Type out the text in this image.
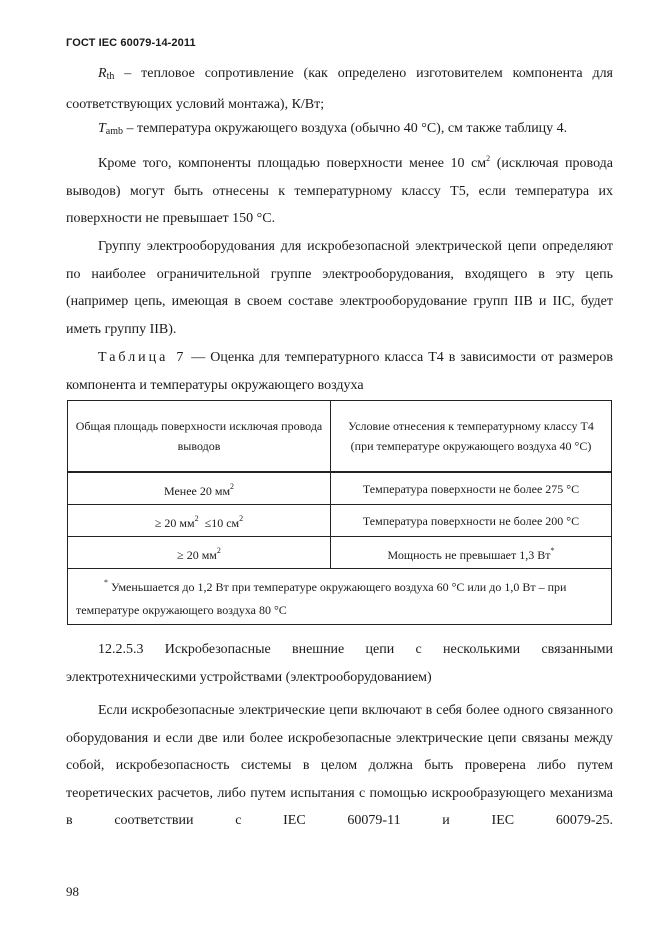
ГОСТ IEC 60079-14-2011

$R_{th}$ – тепловое сопротивление (как определено изготовителем компонента для соответствующих условий монтажа), К/Вт;

$T_{amb}$ – температура окружающего воздуха (обычно 40 °С), см также таблицу 4.

Кроме того, компоненты площадью поверхности менее 10 $см^2$ (исключая провода выводов) могут быть отнесены к температурному классу Т5, если температура их поверхности не превышает 150 °С.

Группу электрооборудования для искробезопасной электрической цепи определяют по наиболее ограничительной группе электрооборудования, входящего в эту цепь (например цепь, имеющая в своем составе электрооборудование групп IIВ и IIС, будет иметь группу IIВ).

Таблица 7 — Оценка для температурного класса Т4 в зависимости от размеров компонента и температуры окружающего воздуха

Общая площадь поверхности исключая провода выводов	Условие отнесения к температурному классу Т4 (при температуре окружающего воздуха 40 °С)
Менее 20 $мм^2$	Температура поверхности не более 275 °С
≥ 20 $мм^2 \le 10$ $см^2$	Температура поверхности не более 200 °С
≥ 20 $мм^2$	Мощность не превышает 1,3 Вт*
* Уменьшается до 1,2 Вт при температуре окружающего воздуха 60 °С или до 1,0 Вт – при температуре окружающего воздуха 80 °С	

12.2.5.3 Искробезопасные внешние цепи с несколькими связанными электротехническими устройствами (электрооборудованием)

Если искробезопасные электрические цепи включают в себя более одного связанного оборудования и если две или более искробезопасные электрические цепи связаны между собой, искробезопасность системы в целом должна быть проверена либо путем теоретических расчетов, либо путем испытания с помощью искрообразующего механизма в соответствии с IEC 60079-11 и IEC 60079-25.

98
